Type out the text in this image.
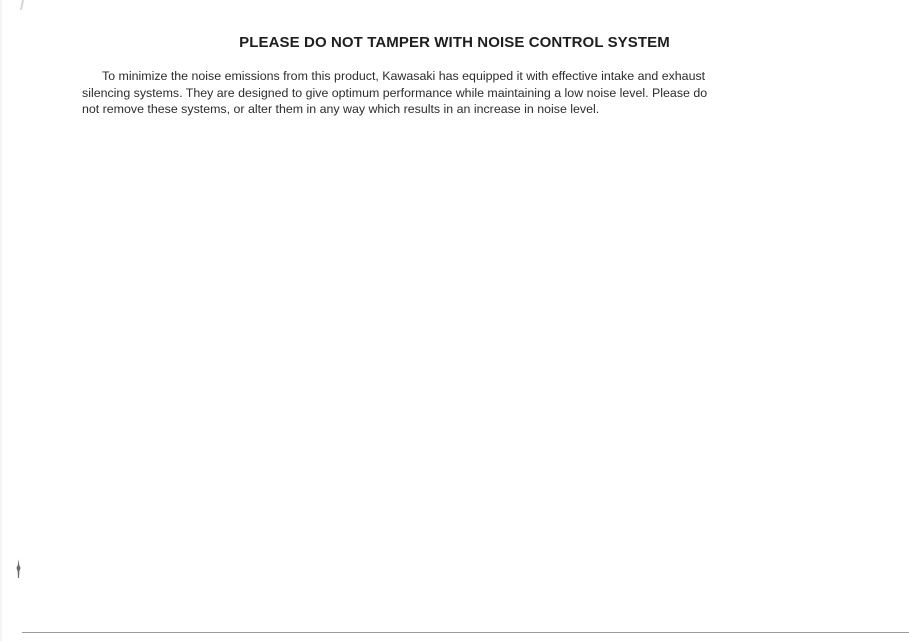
PLEASE DO NOT TAMPER WITH NOISE CONTROL SYSTEM
To minimize the noise emissions from this product, Kawasaki has equipped it with effective intake and exhaust
silencing systems. They are designed to give optimum performance while maintaining a low noise level. Please do
not remove these systems, or alter them in any way which results in an increase in noise level.
